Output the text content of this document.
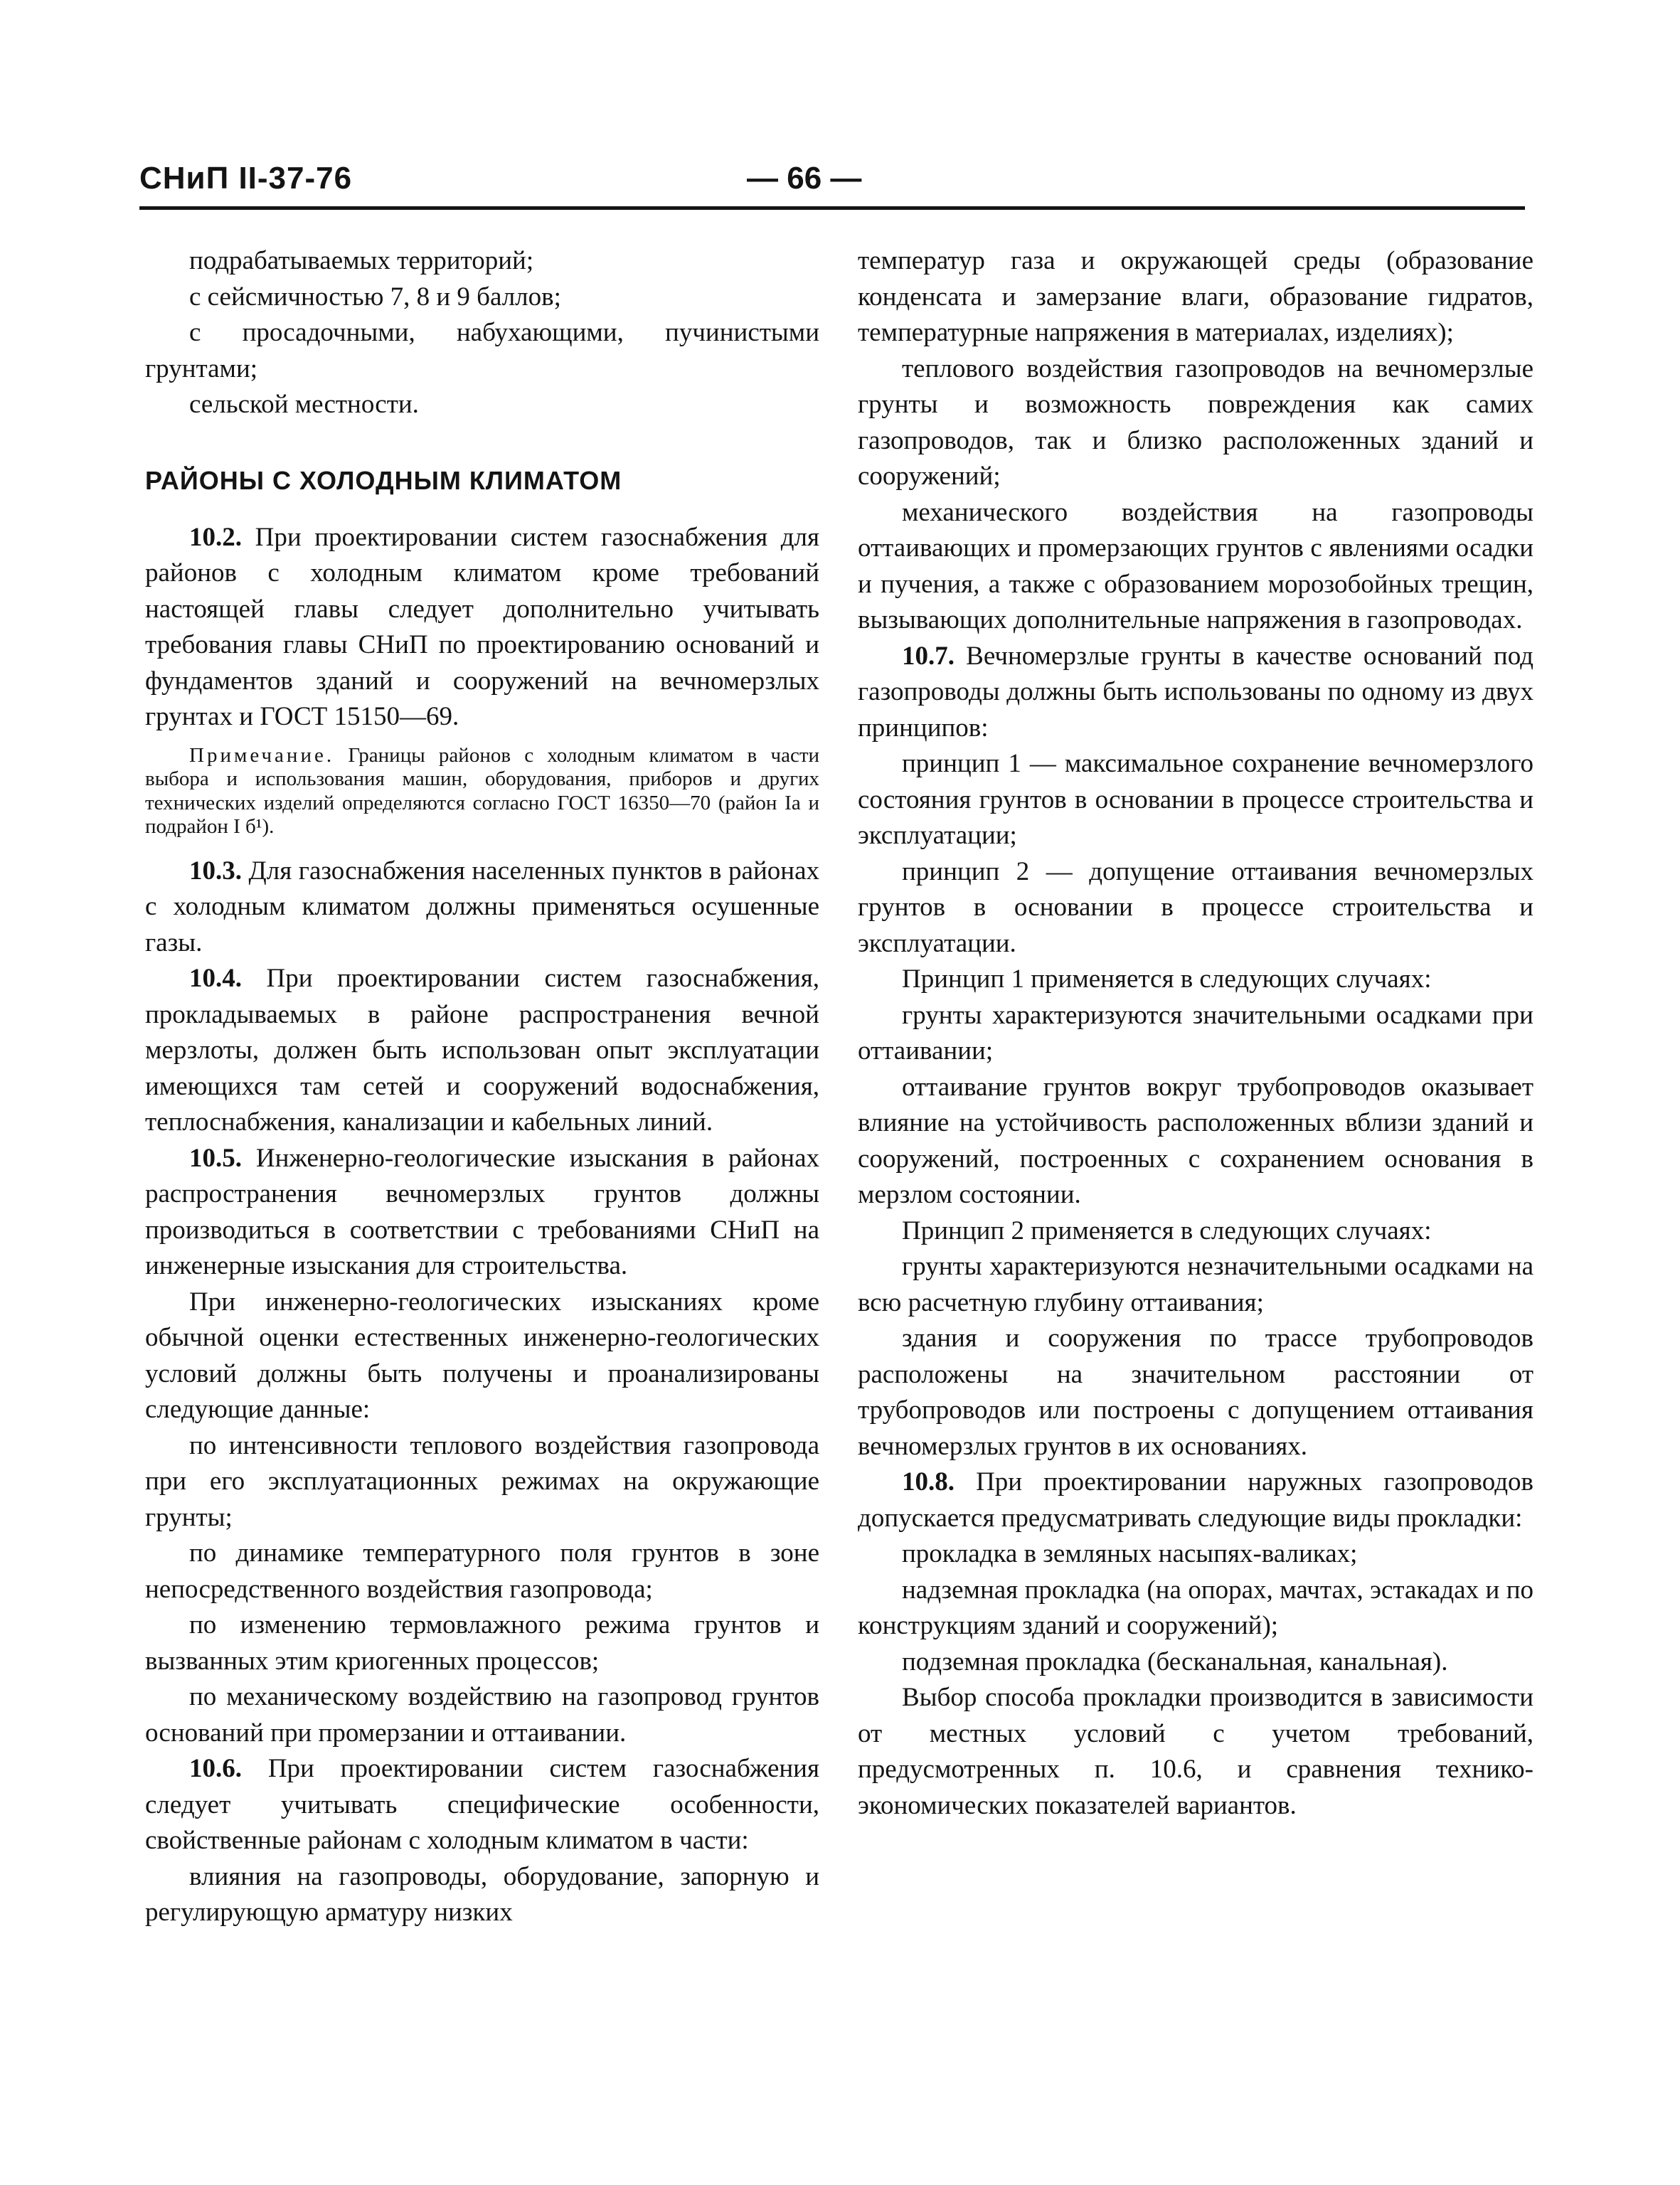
СНиП II-37-76	— 66 —

подрабатываемых территорий;

с сейсмичностью 7, 8 и 9 баллов;

с просадочными, набухающими, пучинистыми грунтами;

сельской местности.

РАЙОНЫ С ХОЛОДНЫМ КЛИМАТОМ

10.2. При проектировании систем газоснабжения для районов с холодным климатом кроме требований настоящей главы следует дополнительно учитывать требования главы СНиП по проектированию оснований и фундаментов зданий и сооружений на вечномерзлых грунтах и ГОСТ 15150—69.

Примечание. Границы районов с холодным климатом в части выбора и использования машин, оборудования, приборов и других технических изделий определяются согласно ГОСТ 16350—70 (район Iа и подрайон I б¹).

10.3. Для газоснабжения населенных пунктов в районах с холодным климатом должны применяться осушенные газы.

10.4. При проектировании систем газоснабжения, прокладываемых в районе распространения вечной мерзлоты, должен быть использован опыт эксплуатации имеющихся там сетей и сооружений водоснабжения, теплоснабжения, канализации и кабельных линий.

10.5. Инженерно-геологические изыскания в районах распространения вечномерзлых грунтов должны производиться в соответствии с требованиями СНиП на инженерные изыскания для строительства.

При инженерно-геологических изысканиях кроме обычной оценки естественных инженерно-геологических условий должны быть получены и проанализированы следующие данные:

по интенсивности теплового воздействия газопровода при его эксплуатационных режимах на окружающие грунты;

по динамике температурного поля грунтов в зоне непосредственного воздействия газопровода;

по изменению термовлажного режима грунтов и вызванных этим криогенных процессов;

по механическому воздействию на газопровод грунтов оснований при промерзании и оттаивании.

10.6. При проектировании систем газоснабжения следует учитывать специфические особенности, свойственные районам с холодным климатом в части:

влияния на газопроводы, оборудование, запорную и регулирующую арматуру низких

температур газа и окружающей среды (образование конденсата и замерзание влаги, образование гидратов, температурные напряжения в материалах, изделиях);

теплового воздействия газопроводов на вечномерзлые грунты и возможность повреждения как самих газопроводов, так и близко расположенных зданий и сооружений;

механического воздействия на газопроводы оттаивающих и промерзающих грунтов с явлениями осадки и пучения, а также с образованием морозобойных трещин, вызывающих дополнительные напряжения в газопроводах.

10.7. Вечномерзлые грунты в качестве оснований под газопроводы должны быть использованы по одному из двух принципов:

принцип 1 — максимальное сохранение вечномерзлого состояния грунтов в основании в процессе строительства и эксплуатации;

принцип 2 — допущение оттаивания вечномерзлых грунтов в основании в процессе строительства и эксплуатации.

Принцип 1 применяется в следующих случаях:

грунты характеризуются значительными осадками при оттаивании;

оттаивание грунтов вокруг трубопроводов оказывает влияние на устойчивость расположенных вблизи зданий и сооружений, построенных с сохранением основания в мерзлом состоянии.

Принцип 2 применяется в следующих случаях:

грунты характеризуются незначительными осадками на всю расчетную глубину оттаивания;

здания и сооружения по трассе трубопроводов расположены на значительном расстоянии от трубопроводов или построены с допущением оттаивания вечномерзлых грунтов в их основаниях.

10.8. При проектировании наружных газопроводов допускается предусматривать следующие виды прокладки:

прокладка в земляных насыпях-валиках;

надземная прокладка (на опорах, мачтах, эстакадах и по конструкциям зданий и сооружений);

подземная прокладка (бесканальная, канальная).

Выбор способа прокладки производится в зависимости от местных условий с учетом требований, предусмотренных п. 10.6, и сравнения технико-экономических показателей вариантов.
